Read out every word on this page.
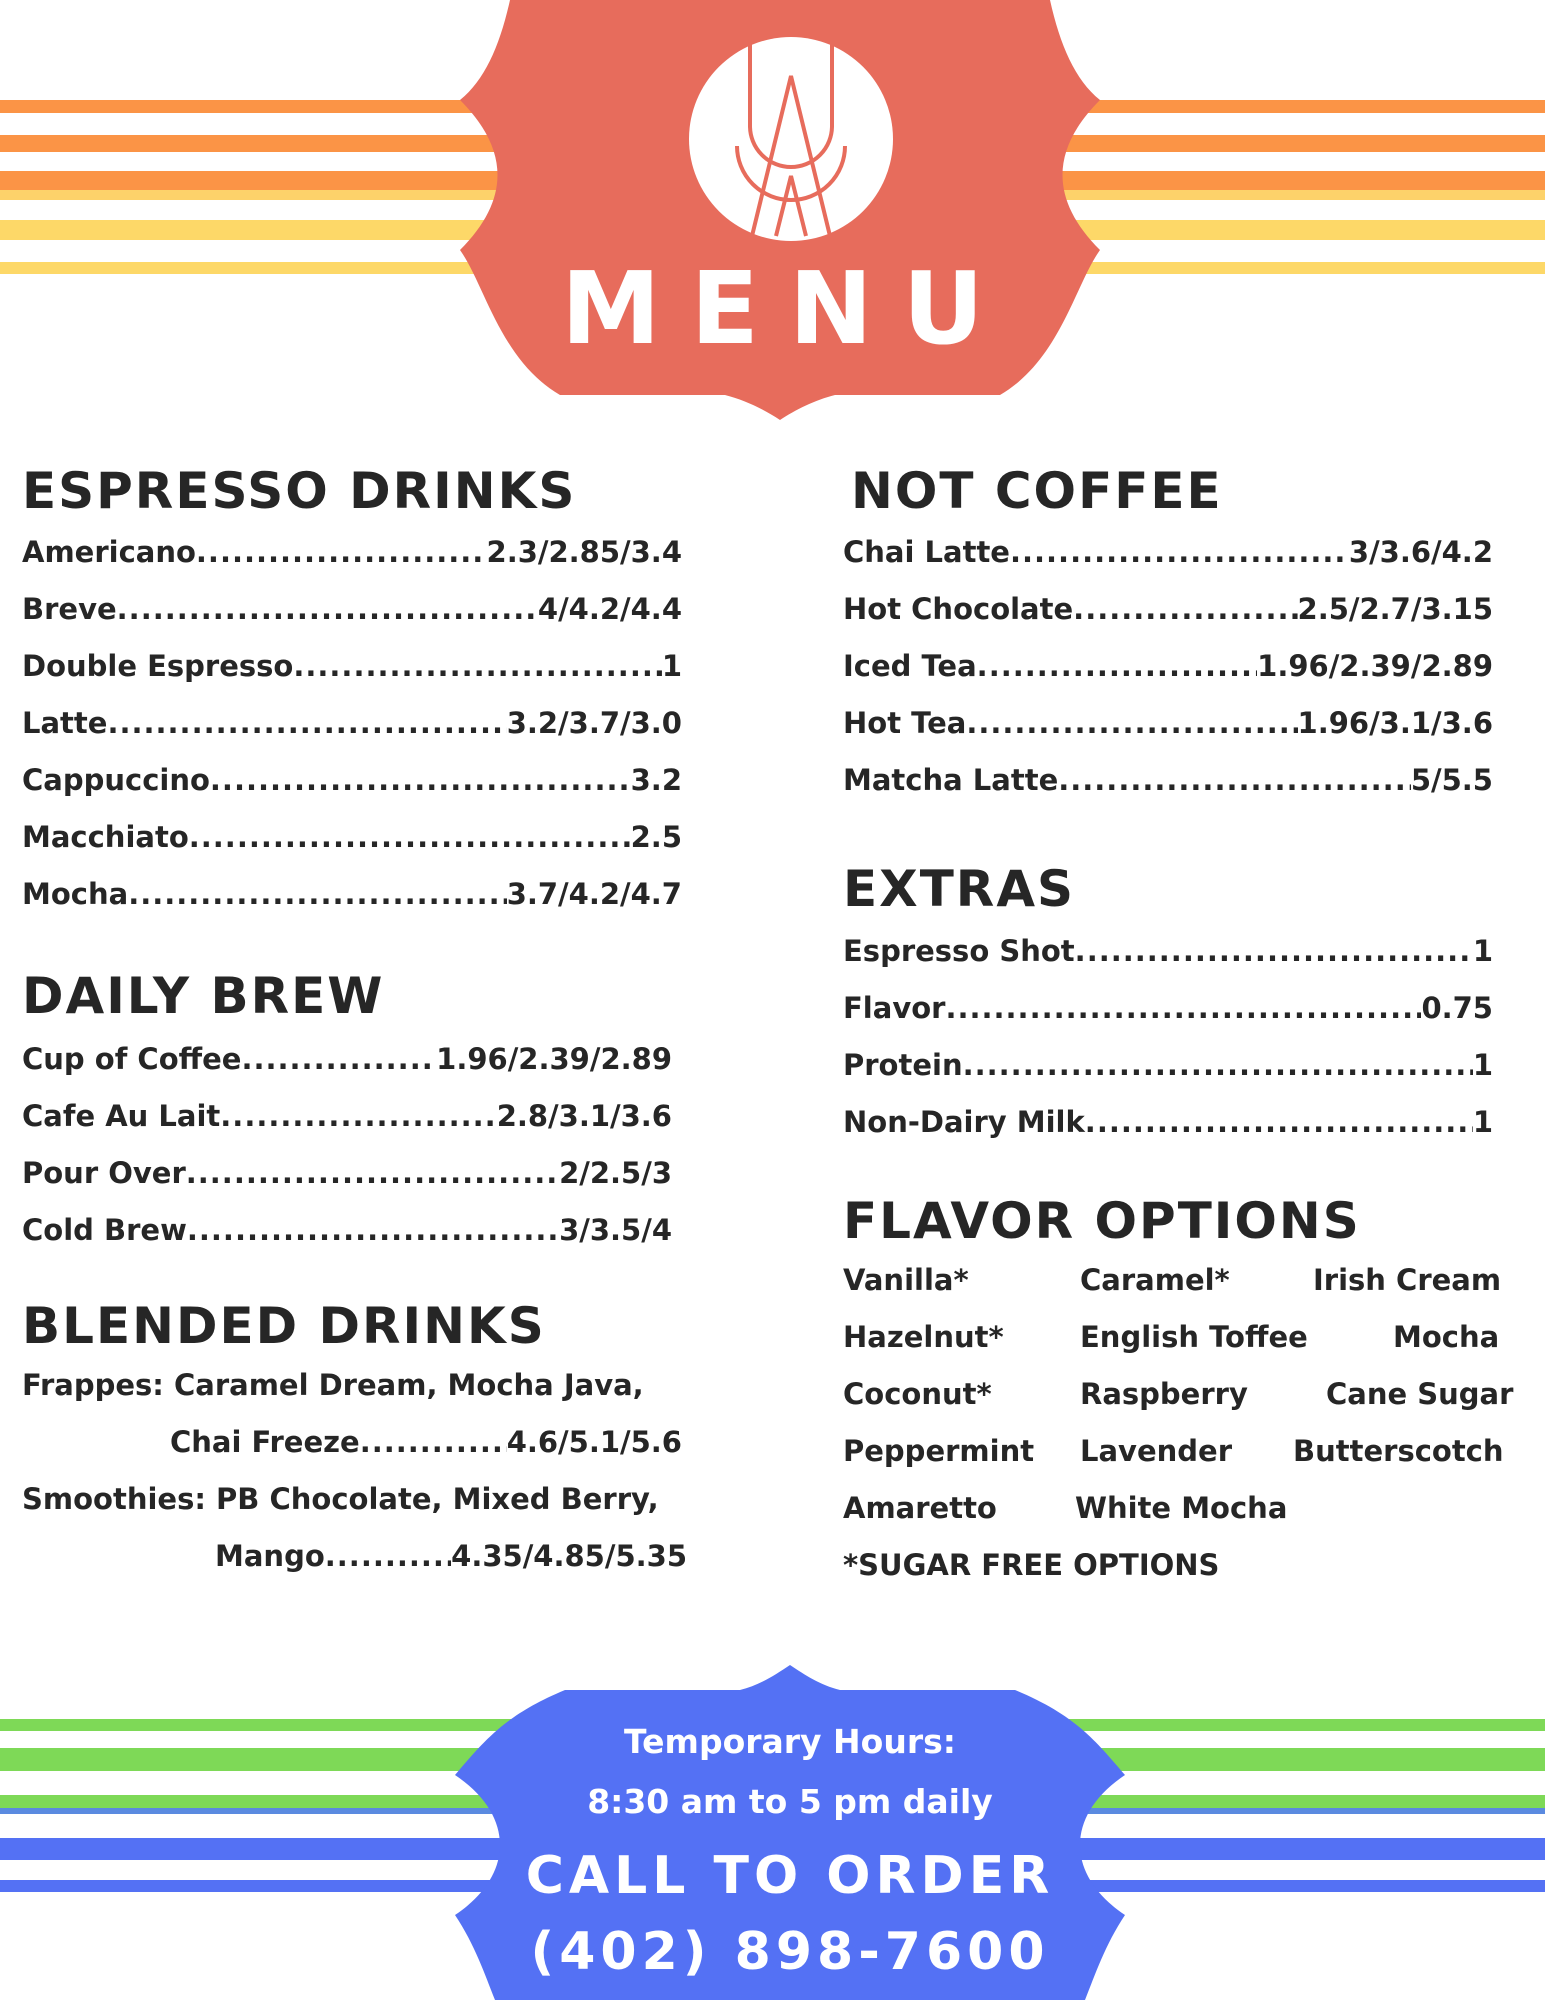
MENU
ESPRESSO DRINKS
Americano .....	2.3/2.85/3.4
Breve .....	4/4.2/4.4
Double Espresso .....	1
Latte .....	3.2/3.7/3.0
Cappuccino .....	3.2
Macchiato .....	2.5
Mocha .....	3.7/4.2/4.7
DAILY BREW
Cup of Coffee .....	1.96/2.39/2.89
Cafe Au Lait .....	2.8/3.1/3.6
Pour Over .....	2/2.5/3
Cold Brew .....	3/3.5/4
BLENDED DRINKS
Frappes: Caramel Dream, Mocha Java,
Chai Freeze .....	4.6/5.1/5.6
Smoothies: PB Chocolate, Mixed Berry,
Mango .....	4.35/4.85/5.35
NOT COFFEE
Chai Latte .....	3/3.6/4.2
Hot Chocolate .....	2.5/2.7/3.15
Iced Tea .....	1.96/2.39/2.89
Hot Tea .....	1.96/3.1/3.6
Matcha Latte .....	5/5.5
EXTRAS
Espresso Shot .....	1
Flavor .....	0.75
Protein .....	1
Non-Dairy Milk .....	1
FLAVOR OPTIONS
Vanilla*	Caramel*	Irish Cream
Hazelnut*	English Toffee	Mocha
Coconut*	Raspberry	Cane Sugar
Peppermint Lavender Butterscotch
Amaretto	White Mocha
*SUGAR FREE OPTIONS
Temporary Hours:
8:30 am to 5 pm daily
CALL TO ORDER
(402) 898-7600
